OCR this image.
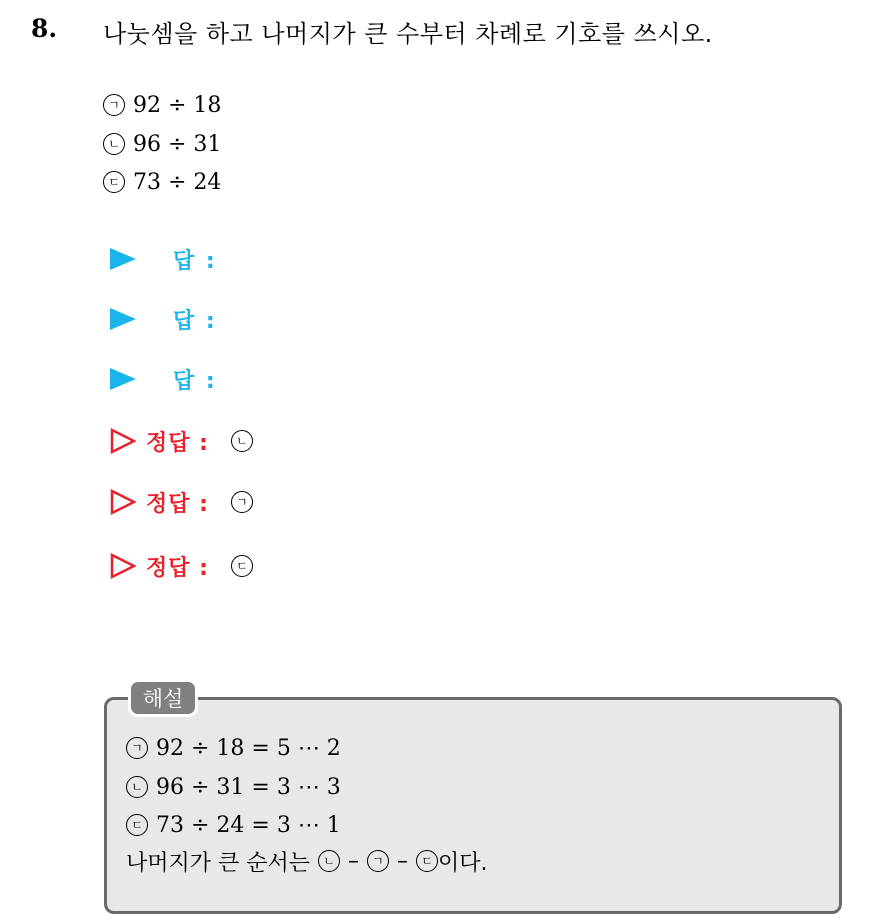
8. 나눗셈을 하고 나머지가 큰 수부터 차례로 기호를 쓰시오.
ㄱ 92 ÷ 18
ㄴ 96 ÷ 31
ㄷ 73 ÷ 24
답 :
답 :
답 :
정답 :	ㄴ
정답 :	ㄱ
정답 :	ㄷ
해설
ㄱ 92 ÷ 18 = 5 ⋯ 2
ㄴ 96 ÷ 31 = 3 ⋯ 3
ㄷ 73 ÷ 24 = 3 ⋯ 1
나머지가 큰 순서는	ㄴ –	ㄱ –	ㄷ 이다.
